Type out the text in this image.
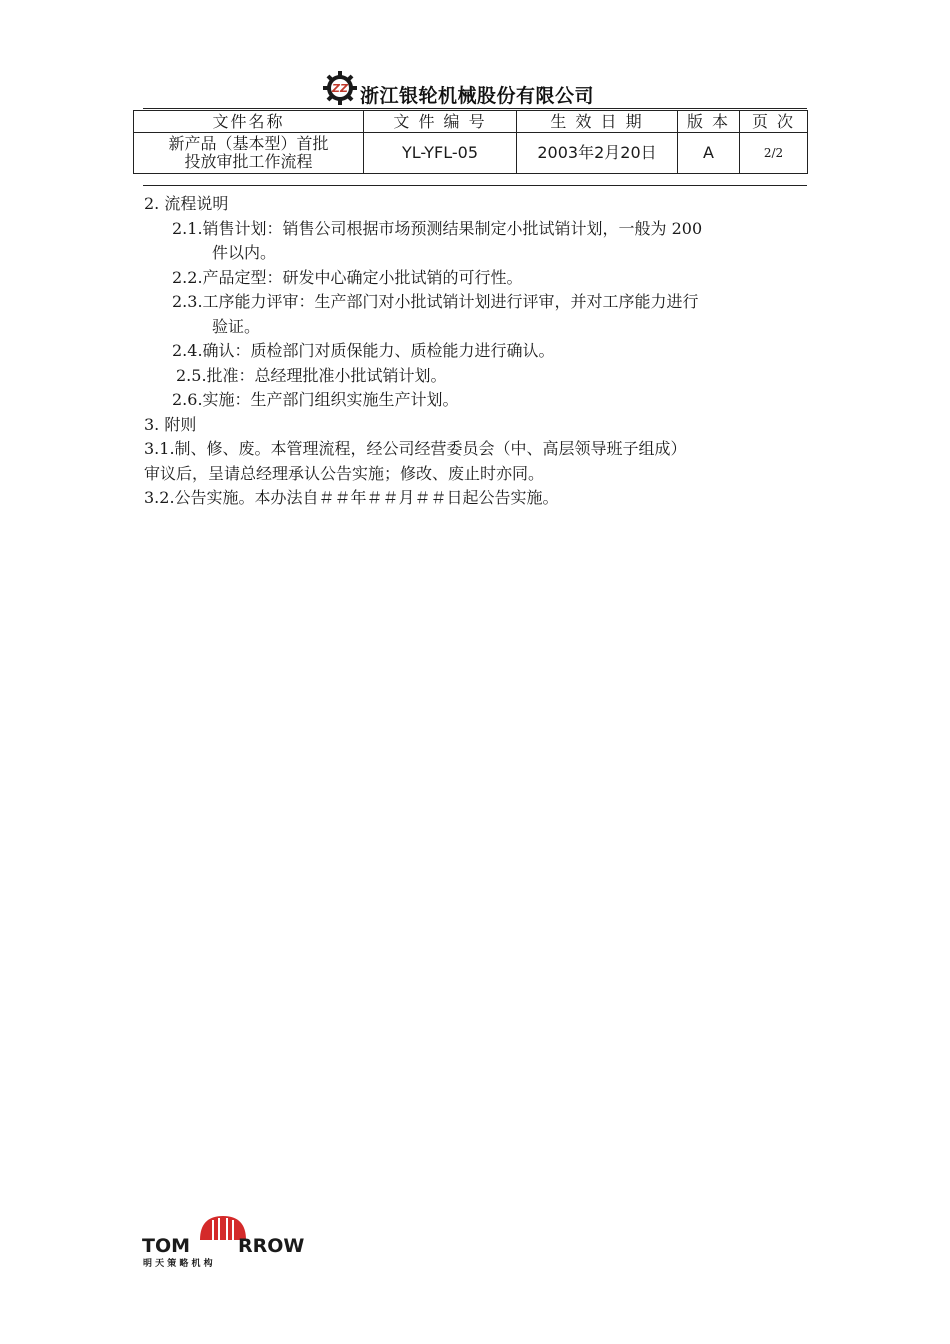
ZZ 浙江银轮机械股份有限公司
文件名称	文 件 编 号	生 效 日 期	版 本	页 次

新产品（基本型）首批
投放审批工作流程	YL-YFL-05	2003年2月20日	A	2/2
2. 流程说明
2.1.销售计划：销售公司根据市场预测结果制定小批试销计划，一般为 200
件以内。
2.2.产品定型：研发中心确定小批试销的可行性。
2.3.工序能力评审：生产部门对小批试销计划进行评审，并对工序能力进行
验证。
2.4.确认：质检部门对质保能力、质检能力进行确认。
2.5.批准：总经理批准小批试销计划。
2.6.实施：生产部门组织实施生产计划。
3. 附则
3.1.制、修、废。本管理流程，经公司经营委员会（中、高层领导班子组成）
审议后，呈请总经理承认公告实施；修改、废止时亦同。
3.2.公告实施。本办法自＃＃年＃＃月＃＃日起公告实施。
TOM	RROW
明 天 策 略 机 构
